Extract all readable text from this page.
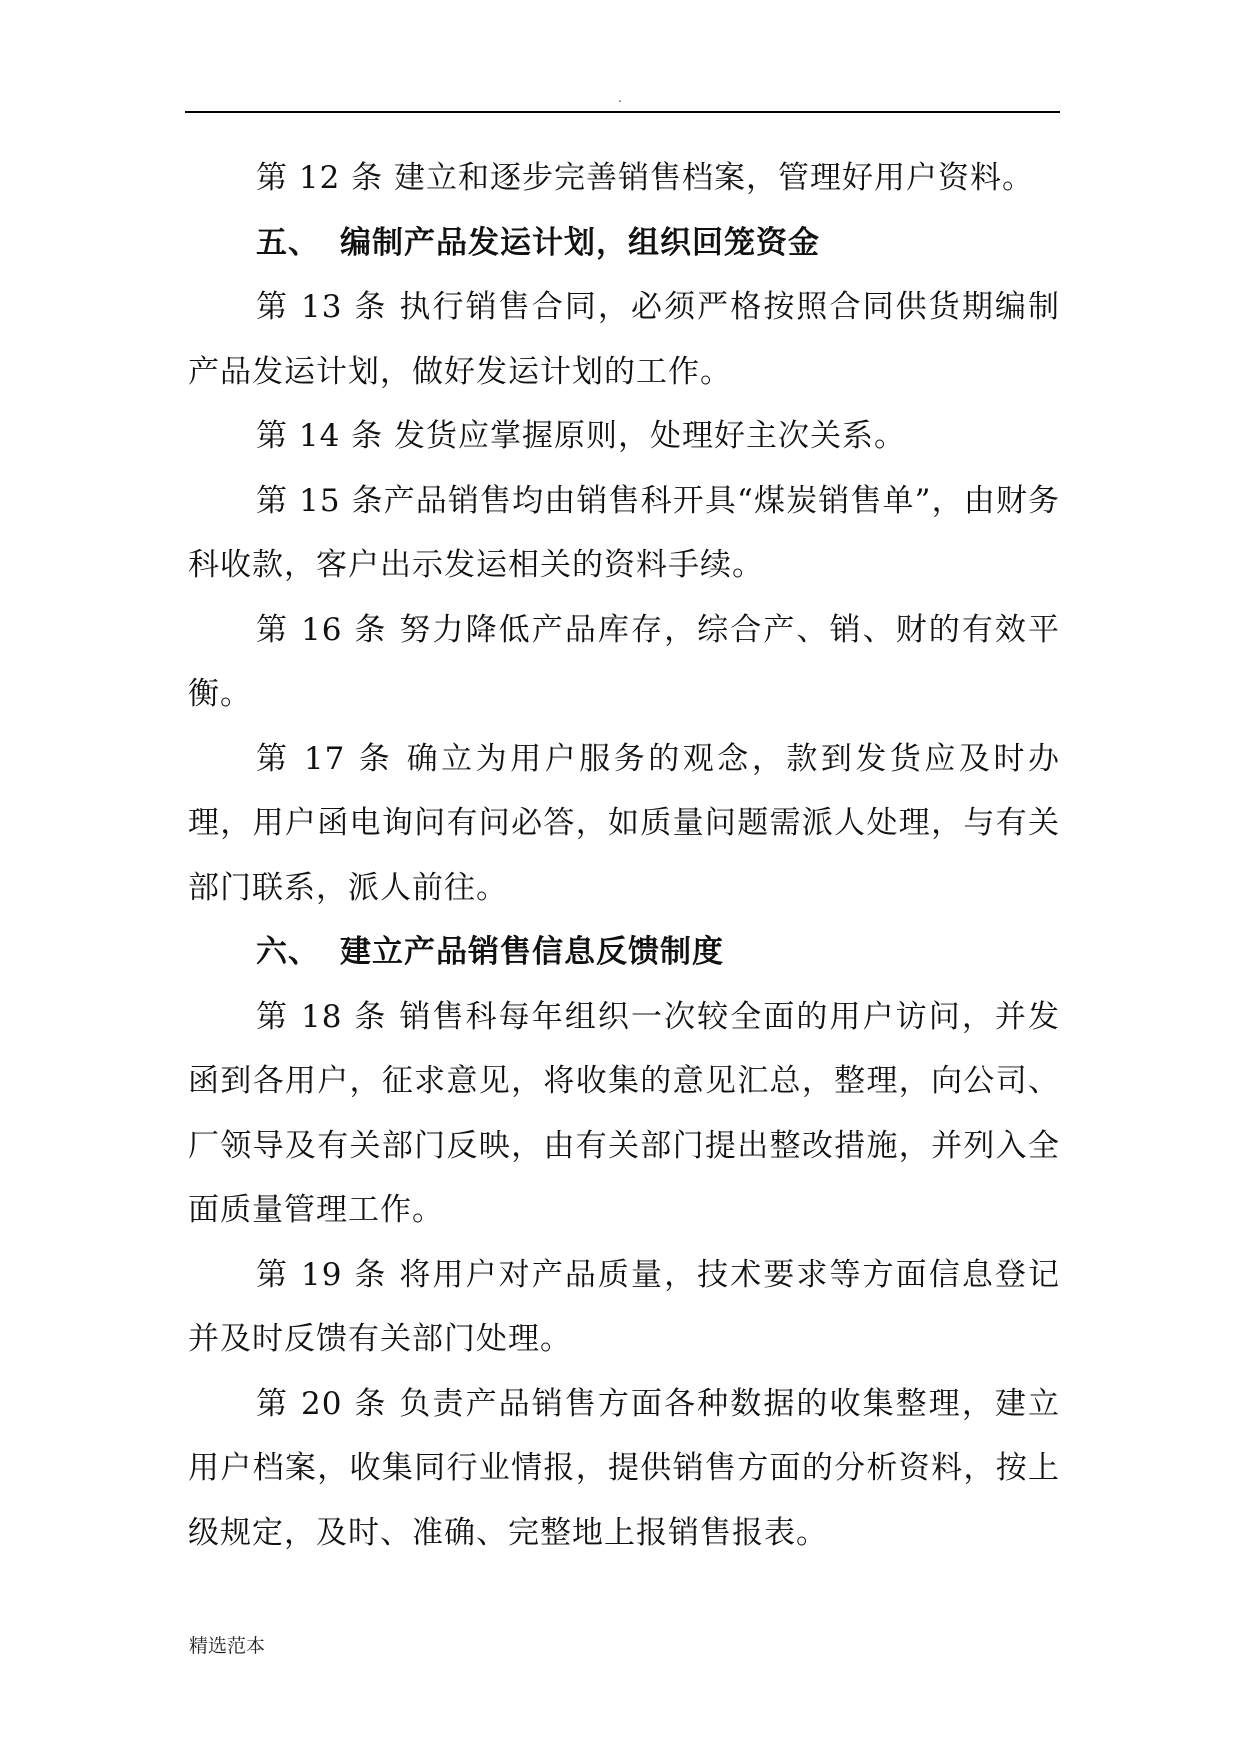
.

第 12 条 建立和逐步完善销售档案，管理好用户资料。

五、 编制产品发运计划，组织回笼资金

第 13 条 执行销售合同，必须严格按照合同供货期编制产品发运计划，做好发运计划的工作。

第 14 条 发货应掌握原则，处理好主次关系。

第 15 条产品销售均由销售科开具“煤炭销售单”，由财务科收款，客户出示发运相关的资料手续。

第 16 条 努力降低产品库存，综合产、销、财的有效平衡。

第 17 条 确立为用户服务的观念，款到发货应及时办理，用户函电询问有问必答，如质量问题需派人处理，与有关部门联系，派人前往。

六、 建立产品销售信息反馈制度

第 18 条 销售科每年组织一次较全面的用户访问，并发函到各用户，征求意见，将收集的意见汇总，整理，向公司、厂领导及有关部门反映，由有关部门提出整改措施，并列入全面质量管理工作。

第 19 条 将用户对产品质量，技术要求等方面信息登记并及时反馈有关部门处理。

第 20 条 负责产品销售方面各种数据的收集整理，建立用户档案，收集同行业情报，提供销售方面的分析资料，按上级规定，及时、准确、完整地上报销售报表。

精选范本
